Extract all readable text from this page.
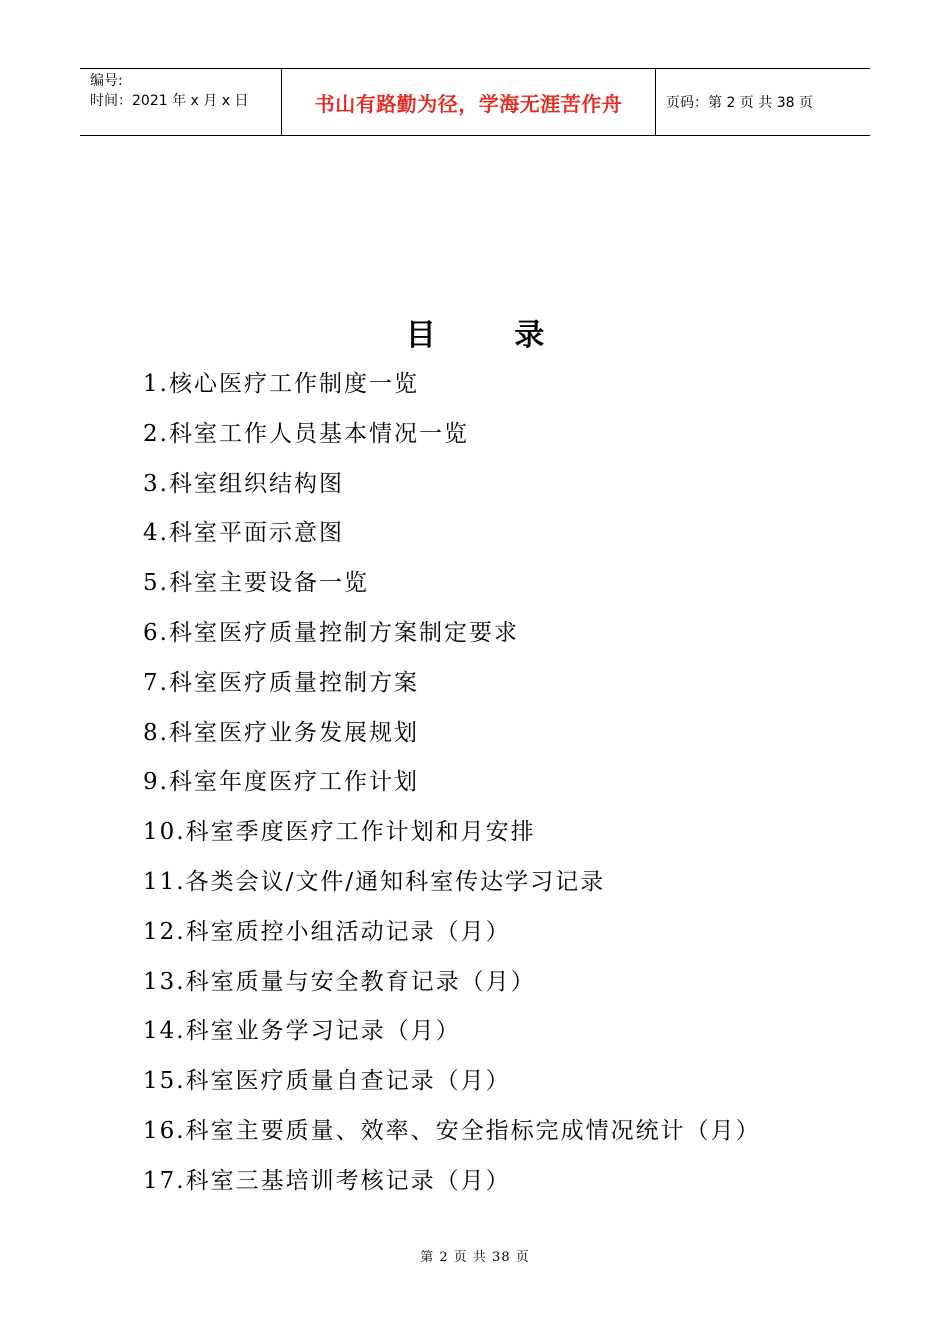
编号:
时间：2021 年 x 月 x 日	书山有路勤为径，学海无涯苦作舟	页码：第 2 页 共 38 页
目 录
1.核心医疗工作制度一览
2.科室工作人员基本情况一览
3.科室组织结构图
4.科室平面示意图
5.科室主要设备一览
6.科室医疗质量控制方案制定要求
7.科室医疗质量控制方案
8.科室医疗业务发展规划
9.科室年度医疗工作计划
10.科室季度医疗工作计划和月安排
11.各类会议/文件/通知科室传达学习记录
12.科室质控小组活动记录（月）
13.科室质量与安全教育记录（月）
14.科室业务学习记录（月）
15.科室医疗质量自查记录（月）
16.科室主要质量、效率、安全指标完成情况统计（月）
17.科室三基培训考核记录（月）
第 2 页 共 38 页
